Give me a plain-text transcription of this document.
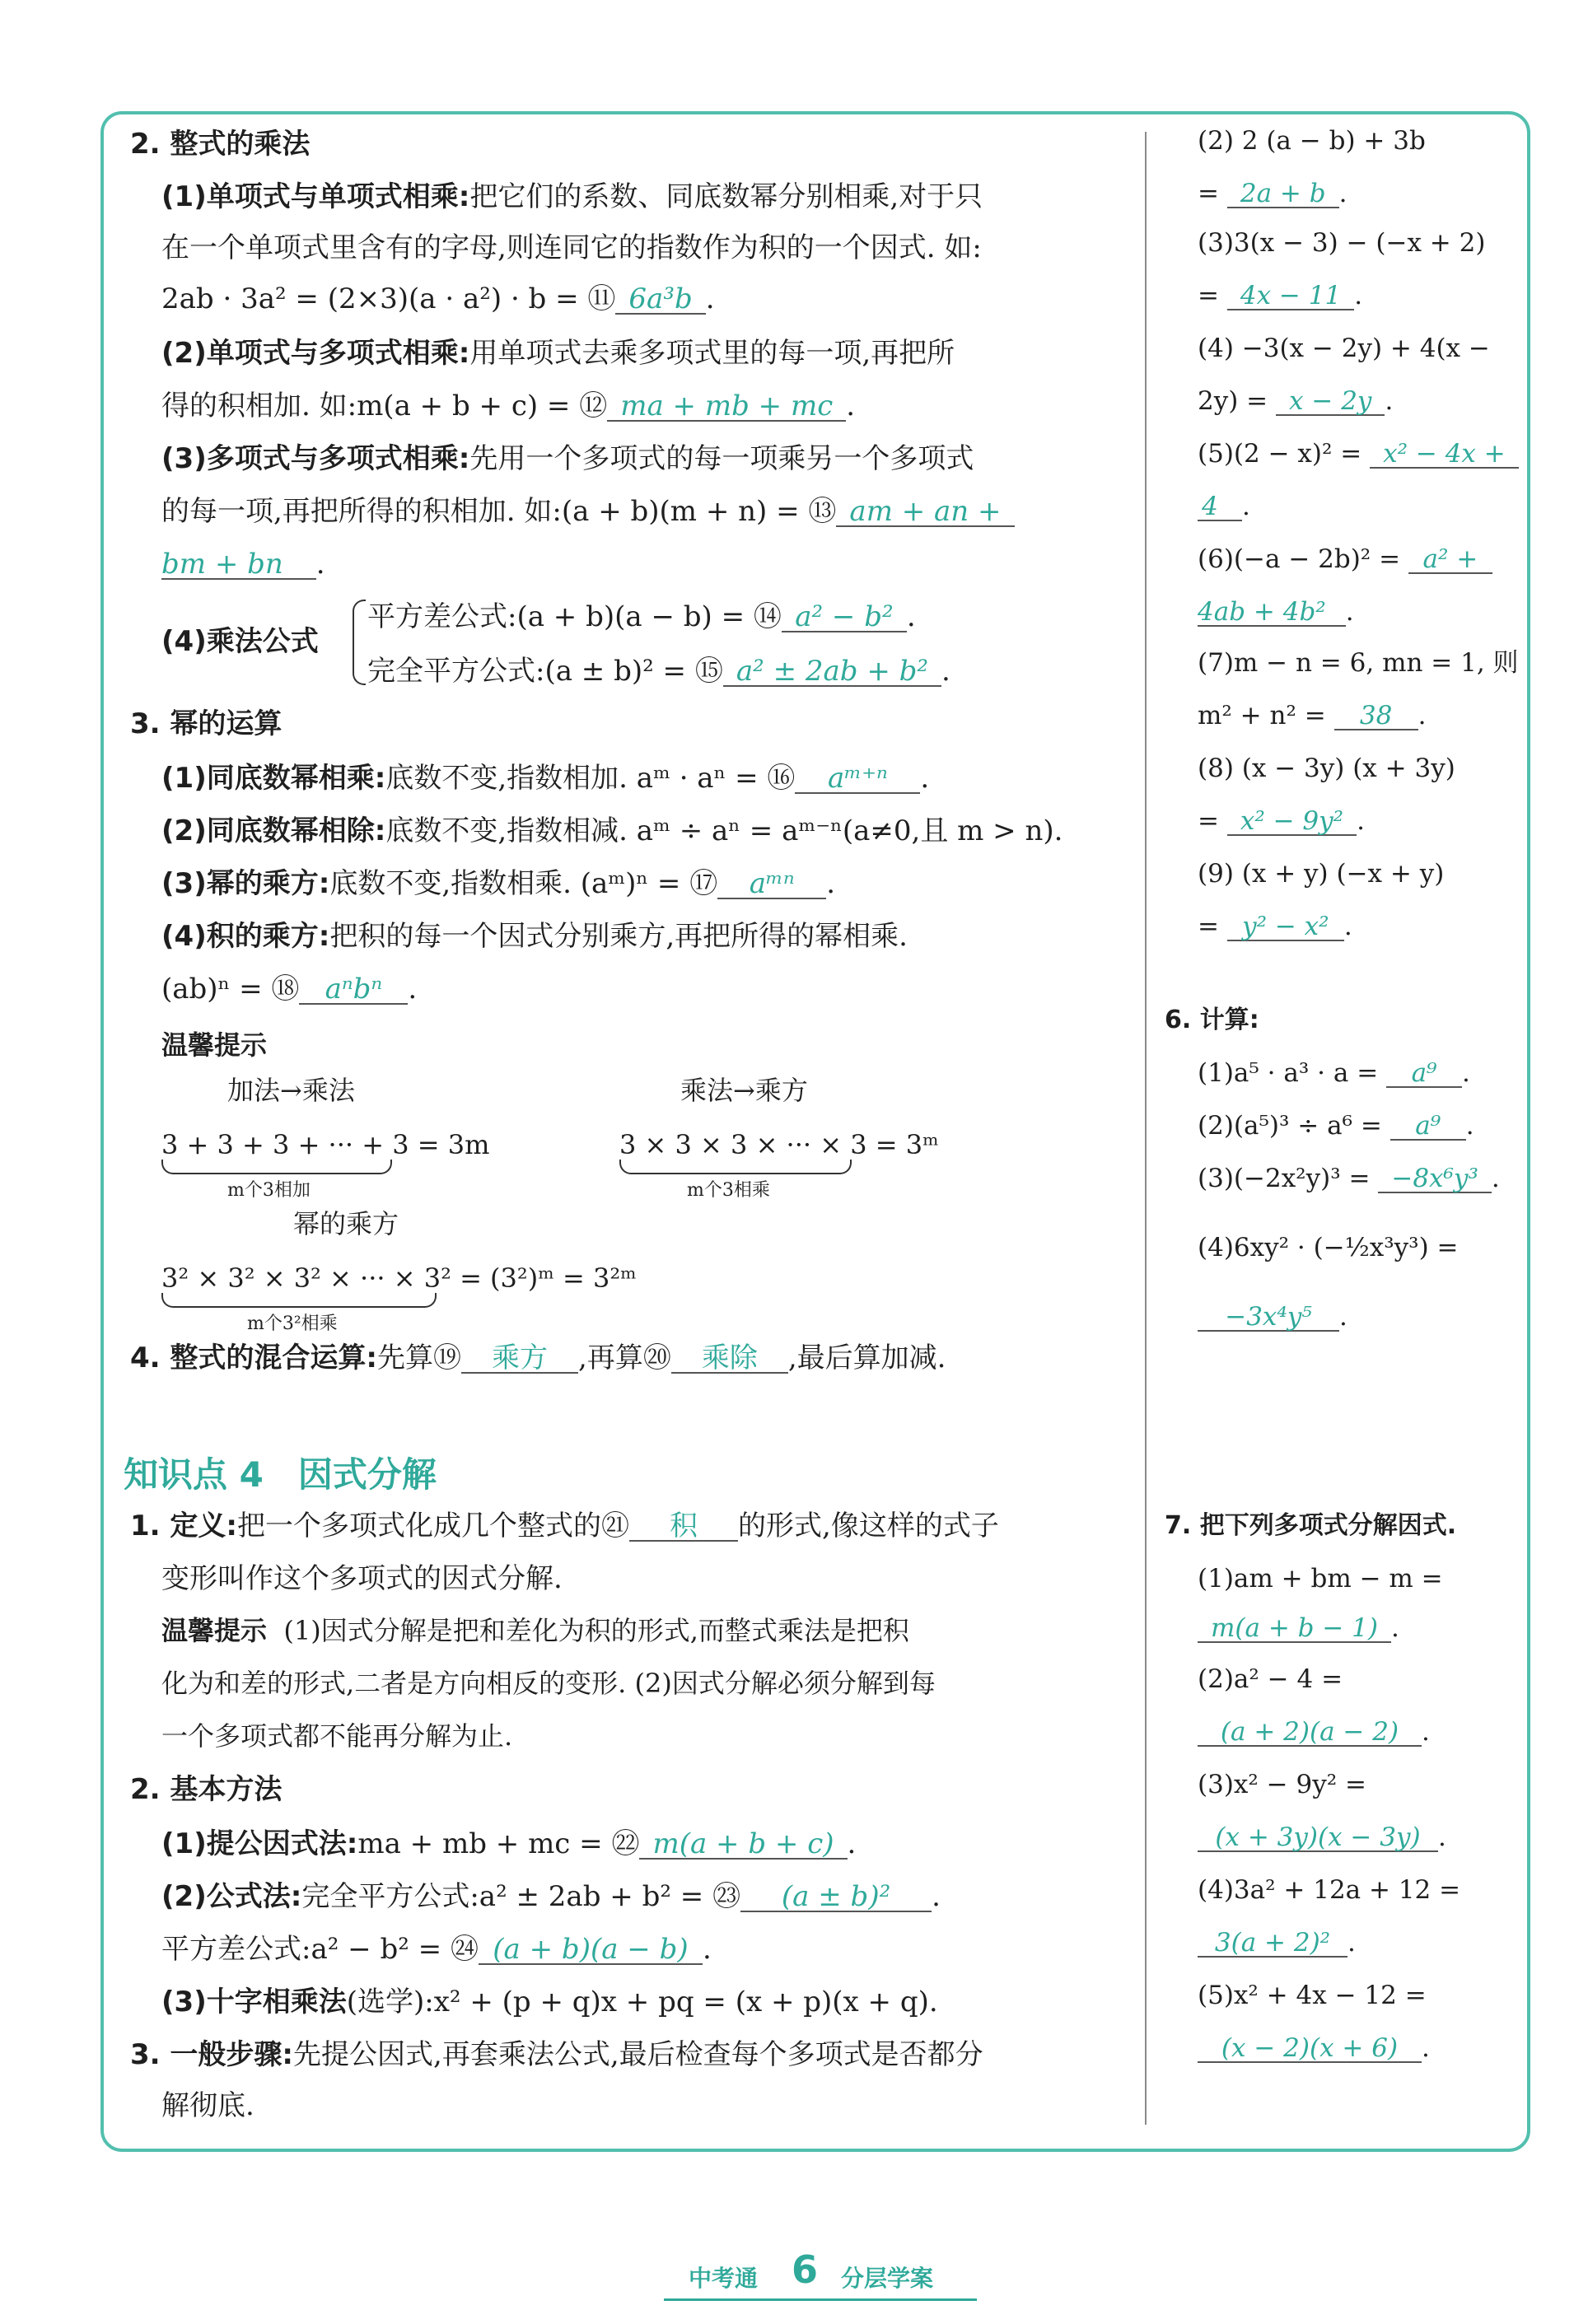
2. 整式的乘法
(1)单项式与单项式相乘:把它们的系数、同底数幂分别相乘,对于只
在一个单项式里含有的字母,则连同它的指数作为积的一个因式. 如:
2ab · 3a² = (2×3)(a · a²) · b = ⑪ 6a³b .
(2)单项式与多项式相乘:用单项式去乘多项式里的每一项,再把所
得的积相加. 如:m(a + b + c) = ⑫ ma + mb + mc .
(3)多项式与多项式相乘:先用一个多项式的每一项乘另一个多项式
的每一项,再把所得的积相加. 如:(a + b)(m + n) = ⑬ am + an +
bm + bn .
(4)乘法公式
平方差公式:(a + b)(a − b) = ⑭ a² − b² .
完全平方公式:(a ± b)² = ⑮ a² ± 2ab + b² .
3. 幂的运算
(1)同底数幂相乘:底数不变,指数相加. aᵐ · aⁿ = ⑯ aᵐ⁺ⁿ .
(2)同底数幂相除:底数不变,指数相减. aᵐ ÷ aⁿ = aᵐ⁻ⁿ(a≠0,且 m > n).
(3)幂的乘方:底数不变,指数相乘. (aᵐ)ⁿ = ⑰ aᵐⁿ .
(4)积的乘方:把积的每一个因式分别乘方,再把所得的幂相乘.
(ab)ⁿ = ⑱ aⁿbⁿ .
温馨提示
加法→乘法	乘法→乘方
3 + 3 + 3 + ··· + 3 = 3m
m个3相加
3 × 3 × 3 × ··· × 3 = 3ᵐ
m个3相乘
幂的乘方
3² × 3² × 3² × ··· × 3² = (3²)ᵐ = 3²ᵐ
m个3²相乘
4. 整式的混合运算:先算⑲ 乘方 ,再算⑳ 乘除 ,最后算加减.
知识点 4　因式分解
1. 定义:把一个多项式化成几个整式的㉑ 积 的形式,像这样的式子
变形叫作这个多项式的因式分解.
温馨提示 (1)因式分解是把和差化为积的形式,而整式乘法是把积
化为和差的形式,二者是方向相反的变形. (2)因式分解必须分解到每
一个多项式都不能再分解为止.
2. 基本方法
(1)提公因式法:ma + mb + mc = ㉒ m(a + b + c) .
(2)公式法:完全平方公式:a² ± 2ab + b² = ㉓ (a ± b)² .
平方差公式:a² − b² = ㉔ (a + b)(a − b) .
(3)十字相乘法(选学):x² + (p + q)x + pq = (x + p)(x + q).
3. 一般步骤:先提公因式,再套乘法公式,最后检查每个多项式是否都分
解彻底.
(2) 2 (a − b) + 3b
= 2a + b .
(3)3(x − 3) − (−x + 2)
= 4x − 11 .
(4) −3(x − 2y) + 4(x −
2y) = x − 2y .
(5)(2 − x)² = x² − 4x +
4 .
(6)(−a − 2b)² = a² +
4ab + 4b² .
(7)m − n = 6, mn = 1, 则
m² + n² = 38 .
(8) (x − 3y) (x + 3y)
= x² − 9y² .
(9) (x + y) (−x + y)
= y² − x² .
6. 计算:
(1)a⁵ · a³ · a = a⁹ .
(2)(a⁵)³ ÷ a⁶ = a⁹ .
(3)(−2x²y)³ = −8x⁶y³ .
(4)6xy² · (−½x³y³) =
−3x⁴y⁵ .
7. 把下列多项式分解因式.
(1)am + bm − m =
m(a + b − 1) .
(2)a² − 4 =
(a + 2)(a − 2) .
(3)x² − 9y² =
(x + 3y)(x − 3y) .
(4)3a² + 12a + 12 =
3(a + 2)² .
(5)x² + 4x − 12 =
(x − 2)(x + 6) .
中考通 6 分层学案
